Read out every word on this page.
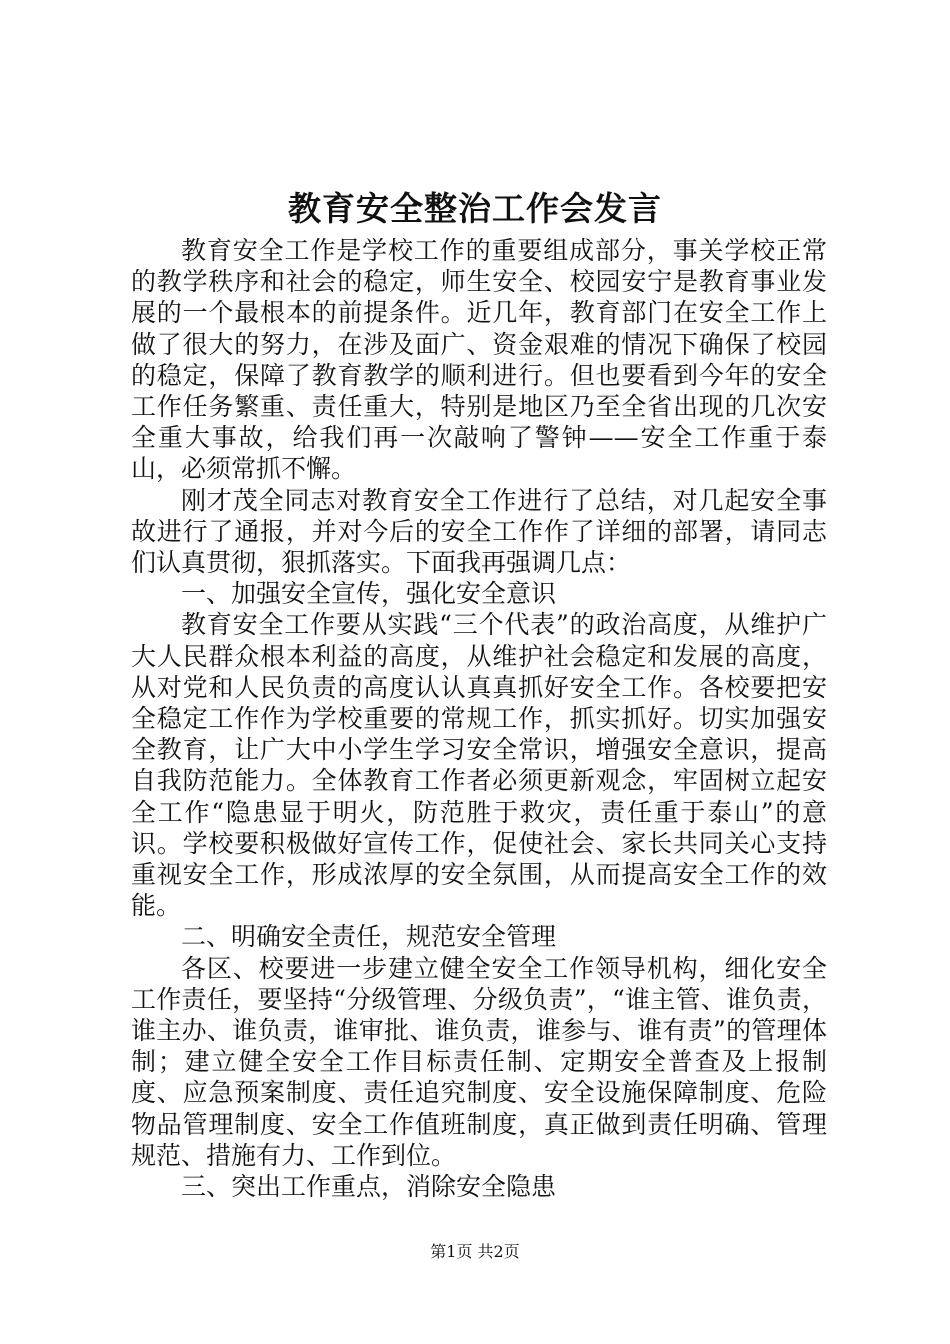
教育安全整治工作会发言

教育安全工作是学校工作的重要组成部分，事关学校正常的教学秩序和社会的稳定，师生安全、校园安宁是教育事业发展的一个最根本的前提条件。近几年，教育部门在安全工作上做了很大的努力，在涉及面广、资金艰难的情况下确保了校园的稳定，保障了教育教学的顺利进行。但也要看到今年的安全工作任务繁重、责任重大，特别是地区乃至全省出现的几次安全重大事故，给我们再一次敲响了警钟——安全工作重于泰山，必须常抓不懈。

刚才茂全同志对教育安全工作进行了总结，对几起安全事故进行了通报，并对今后的安全工作作了详细的部署，请同志们认真贯彻，狠抓落实。下面我再强调几点：

一、加强安全宣传，强化安全意识

教育安全工作要从实践“三个代表”的政治高度，从维护广大人民群众根本利益的高度，从维护社会稳定和发展的高度，从对党和人民负责的高度认认真真抓好安全工作。各校要把安全稳定工作作为学校重要的常规工作，抓实抓好。切实加强安全教育，让广大中小学生学习安全常识，增强安全意识，提高自我防范能力。全体教育工作者必须更新观念，牢固树立起安全工作“隐患显于明火，防范胜于救灾，责任重于泰山”的意识。学校要积极做好宣传工作，促使社会、家长共同关心支持重视安全工作，形成浓厚的安全氛围，从而提高安全工作的效能。

二、明确安全责任，规范安全管理

各区、校要进一步建立健全安全工作领导机构，细化安全工作责任，要坚持“分级管理、分级负责”，“谁主管、谁负责，谁主办、谁负责，谁审批、谁负责，谁参与、谁有责”的管理体制；建立健全安全工作目标责任制、定期安全普查及上报制度、应急预案制度、责任追究制度、安全设施保障制度、危险物品管理制度、安全工作值班制度，真正做到责任明确、管理规范、措施有力、工作到位。

三、突出工作重点，消除安全隐患

第1页 共2页
